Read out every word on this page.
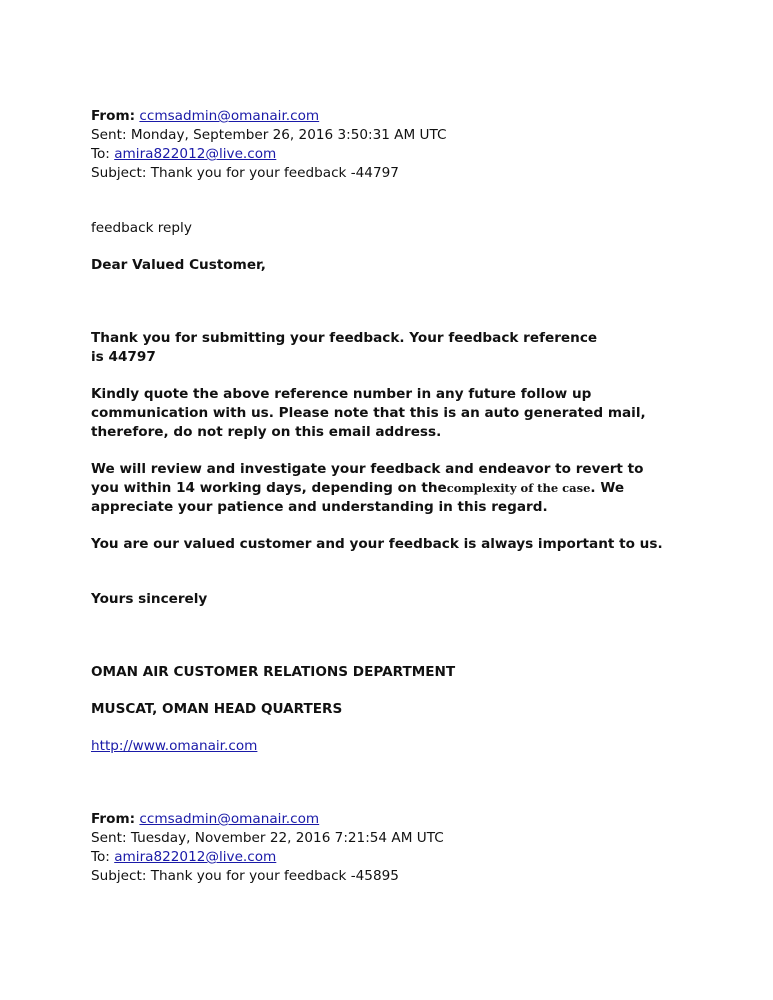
From: ccmsadmin@omanair.com
Sent: Monday, September 26, 2016 3:50:31 AM UTC
To: amira822012@live.com
Subject: Thank you for your feedback -44797
feedback reply
Dear Valued Customer,
Thank you for submitting your feedback. Your feedback reference
is 44797
Kindly quote the above reference number in any future follow up
communication with us. Please note that this is an auto generated mail,
therefore, do not reply on this email address.
We will review and investigate your feedback and endeavor to revert to
you within 14 working days, depending on thecomplexity of the case. We
appreciate your patience and understanding in this regard.
You are our valued customer and your feedback is always important to us.
Yours sincerely
OMAN AIR CUSTOMER RELATIONS DEPARTMENT
MUSCAT, OMAN HEAD QUARTERS
http://www.omanair.com
From: ccmsadmin@omanair.com
Sent: Tuesday, November 22, 2016 7:21:54 AM UTC
To: amira822012@live.com
Subject: Thank you for your feedback -45895
